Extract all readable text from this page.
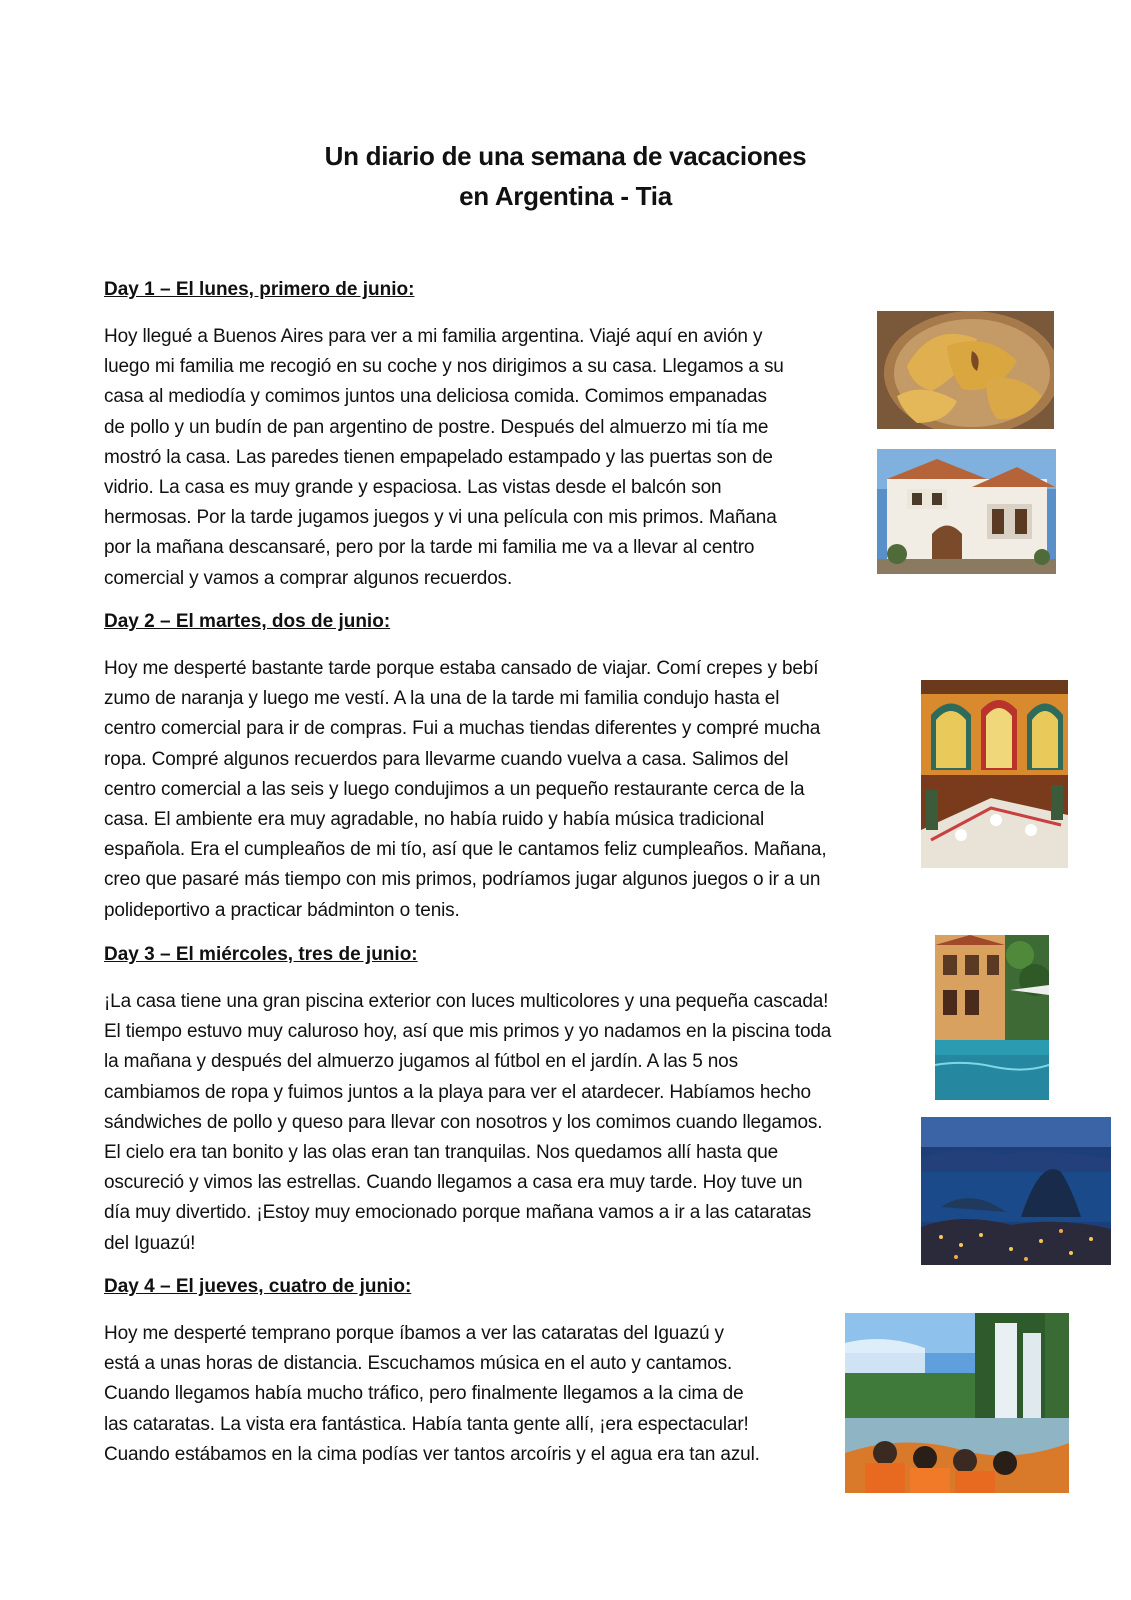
Un diario de una semana de vacaciones
en Argentina - Tia
Day 1 – El lunes, primero de junio:

Hoy llegué a Buenos Aires para ver a mi familia argentina. Viajé aquí en avión y
luego mi familia me recogió en su coche y nos dirigimos a su casa. Llegamos a su
casa al mediodía y comimos juntos una deliciosa comida. Comimos empanadas
de pollo y un budín de pan argentino de postre. Después del almuerzo mi tía me
mostró la casa. Las paredes tienen empapelado estampado y las puertas son de
vidrio. La casa es muy grande y espaciosa. Las vistas desde el balcón son
hermosas. Por la tarde jugamos juegos y vi una película con mis primos. Mañana
por la mañana descansaré, pero por la tarde mi familia me va a llevar al centro
comercial y vamos a comprar algunos recuerdos.

Day 2 – El martes, dos de junio:

Hoy me desperté bastante tarde porque estaba cansado de viajar. Comí crepes y bebí
zumo de naranja y luego me vestí. A la una de la tarde mi familia condujo hasta el
centro comercial para ir de compras. Fui a muchas tiendas diferentes y compré mucha
ropa. Compré algunos recuerdos para llevarme cuando vuelva a casa. Salimos del
centro comercial a las seis y luego condujimos a un pequeño restaurante cerca de la
casa. El ambiente era muy agradable, no había ruido y había música tradicional
española. Era el cumpleaños de mi tío, así que le cantamos feliz cumpleaños. Mañana,
creo que pasaré más tiempo con mis primos, podríamos jugar algunos juegos o ir a un
polideportivo a practicar bádminton o tenis.

Day 3 – El miércoles, tres de junio:

¡La casa tiene una gran piscina exterior con luces multicolores y una pequeña cascada!
El tiempo estuvo muy caluroso hoy, así que mis primos y yo nadamos en la piscina toda
la mañana y después del almuerzo jugamos al fútbol en el jardín. A las 5 nos
cambiamos de ropa y fuimos juntos a la playa para ver el atardecer. Habíamos hecho
sándwiches de pollo y queso para llevar con nosotros y los comimos cuando llegamos.
El cielo era tan bonito y las olas eran tan tranquilas. Nos quedamos allí hasta que
oscureció y vimos las estrellas. Cuando llegamos a casa era muy tarde. Hoy tuve un
día muy divertido. ¡Estoy muy emocionado porque mañana vamos a ir a las cataratas
del Iguazú!

Day 4 – El jueves, cuatro de junio:

Hoy me desperté temprano porque íbamos a ver las cataratas del Iguazú y
está a unas horas de distancia. Escuchamos música en el auto y cantamos.
Cuando llegamos había mucho tráfico, pero finalmente llegamos a la cima de
las cataratas. La vista era fantástica. Había tanta gente allí, ¡era espectacular!
Cuando estábamos en la cima podías ver tantos arcoíris y el agua era tan azul.
